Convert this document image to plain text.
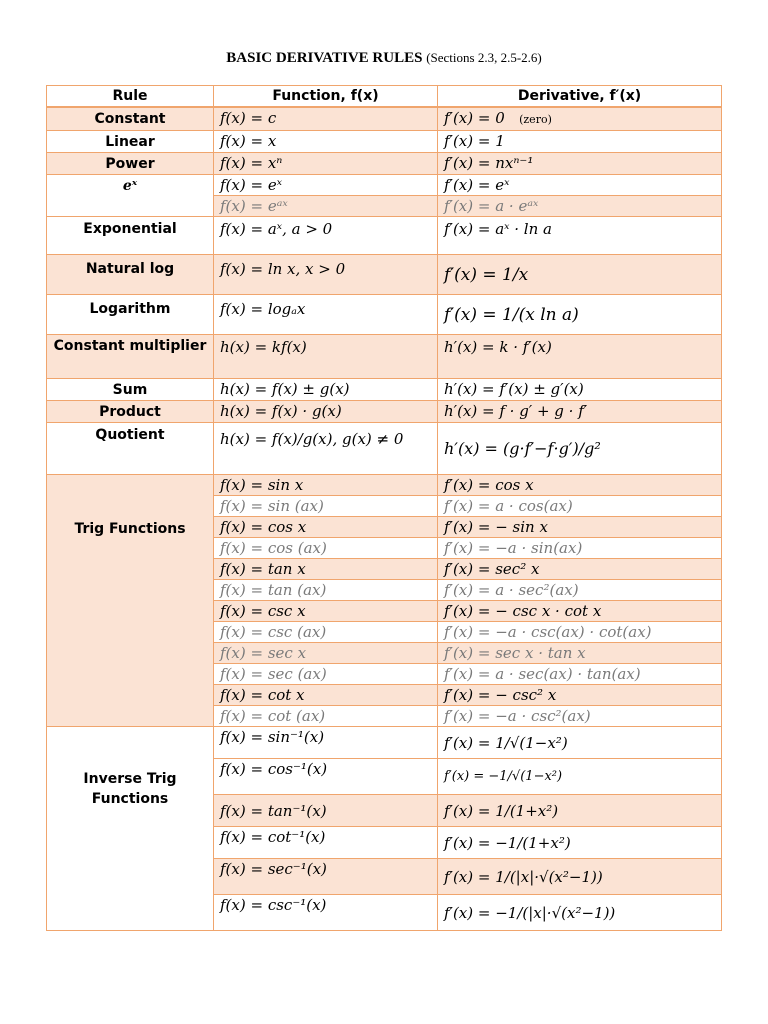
BASIC DERIVATIVE RULES (Sections 2.3, 2.5-2.6)
Rule	Function, f(x)	Derivative, f′(x)
Constant	f(x) = c	f′(x) = 0 (zero)
Linear	f(x) = x	f′(x) = 1
Power	f(x) = xⁿ	f′(x) = nxⁿ⁻¹
eˣ	f(x) = eˣ	f′(x) = eˣ
	f(x) = eᵃˣ	f′(x) = a · eᵃˣ
Exponential	f(x) = aˣ, a > 0	f′(x) = aˣ · ln a
Natural log	f(x) = ln x, x > 0	f′(x) = 1/x
Logarithm	f(x) = logₐx	f′(x) = 1/(x ln a)
Constant multiplier	h(x) = kf(x)	h′(x) = k · f′(x)
Sum	h(x) = f(x) ± g(x)	h′(x) = f′(x) ± g′(x)
Product	h(x) = f(x) · g(x)	h′(x) = f · g′ + g · f′
Quotient	h(x) = f(x)/g(x), g(x) ≠ 0	h′(x) = (g·f′−f·g′)/g²
Trig Functions	f(x) = sin x	f′(x) = cos x
	f(x) = sin (ax)	f′(x) = a · cos(ax)
	f(x) = cos x	f′(x) = − sin x
	f(x) = cos (ax)	f′(x) = −a · sin(ax)
	f(x) = tan x	f′(x) = sec² x
	f(x) = tan (ax)	f′(x) = a · sec²(ax)
	f(x) = csc x	f′(x) = − csc x · cot x
	f(x) = csc (ax)	f′(x) = −a · csc(ax) · cot(ax)
	f(x) = sec x	f′(x) = sec x · tan x
	f(x) = sec (ax)	f′(x) = a · sec(ax) · tan(ax)
	f(x) = cot x	f′(x) = − csc² x
	f(x) = cot (ax)	f′(x) = −a · csc²(ax)
Inverse Trig Functions	f(x) = sin⁻¹(x)	f′(x) = 1/√(1−x²)
	f(x) = cos⁻¹(x)	f′(x) = −1/√(1−x²)
	f(x) = tan⁻¹(x)	f′(x) = 1/(1+x²)
	f(x) = cot⁻¹(x)	f′(x) = −1/(1+x²)
	f(x) = sec⁻¹(x)	f′(x) = 1/(|x|·√(x²−1))
	f(x) = csc⁻¹(x)	f′(x) = −1/(|x|·√(x²−1))
